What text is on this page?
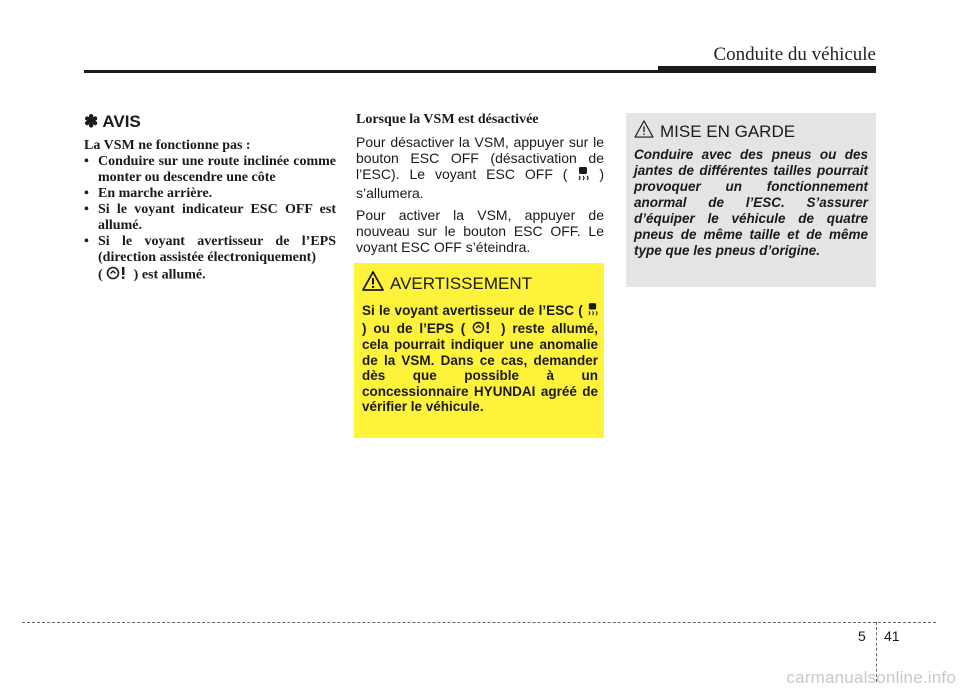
Conduite du véhicule
✽ AVIS
La VSM ne fonctionne pas :
• Conduire sur une route inclinée comme monter ou descendre une côte
• En marche arrière.
• Si le voyant indicateur ESC OFF est allumé.
• Si le voyant avertisseur de l’EPS (direction assistée électroniquement)
( ) est allumé.
Lorsque la VSM est désactivée

Pour désactiver la VSM, appuyer sur le bouton ESC OFF (désactivation de l’ESC). Le voyant ESC OFF ( ) s’allumera.

Pour activer la VSM, appuyer de nouveau sur le bouton ESC OFF. Le voyant ESC OFF s’éteindra.

AVERTISSEMENT
Si le voyant avertisseur de l’ESC (  ) ou de l’EPS (	) reste allumé, cela pourrait indiquer une anomalie de la VSM. Dans ce cas, demander dès que possible à un concessionnaire HYUNDAI agréé de vérifier le véhicule.
MISE EN GARDE
Conduire avec des pneus ou des jantes de différentes tailles pourrait provoquer un fonctionnement anormal de l’ESC. S’assurer d’équiper le véhicule de quatre pneus de même taille et de même type que les pneus d’origine.
5 41
carmanualsonline.info
